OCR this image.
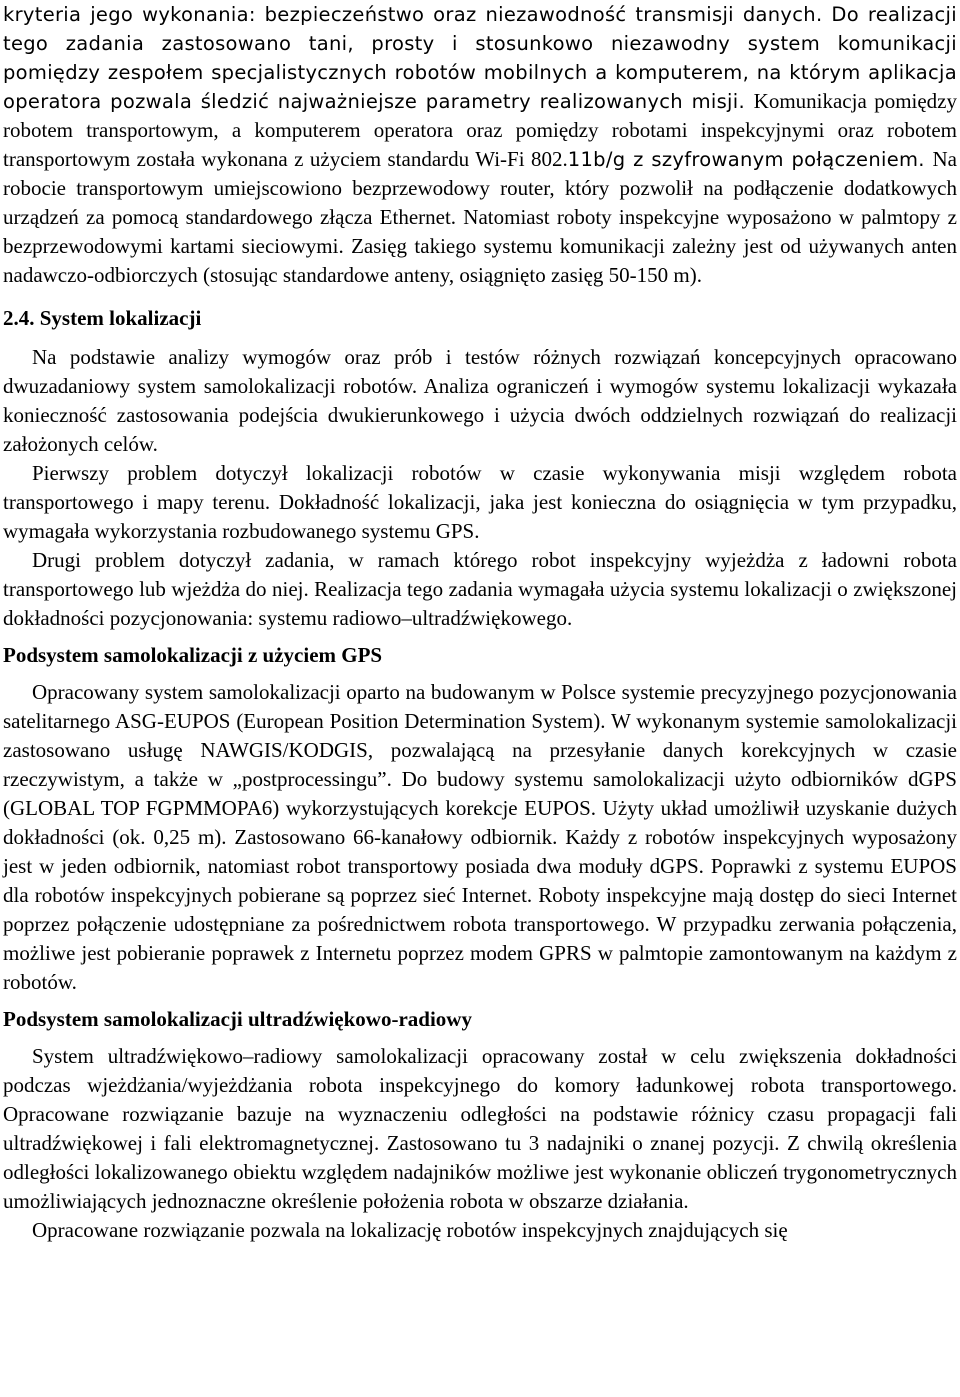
kryteria jego wykonania: bezpieczeństwo oraz niezawodność transmisji danych. Do realizacji tego zadania zastosowano tani, prosty i stosunkowo niezawodny system komunikacji pomiędzy zespołem specjalistycznych robotów mobilnych a komputerem, na którym aplikacja operatora pozwala śledzić najważniejsze parametry realizowanych misji. Komunikacja pomiędzy robotem transportowym, a komputerem operatora oraz pomiędzy robotami inspekcyjnymi oraz robotem transportowym została wykonana z użyciem standardu Wi-Fi 802.11b/g z szyfrowanym połączeniem. Na robocie transportowym umiejscowiono bezprzewodowy router, który pozwolił na podłączenie dodatkowych urządzeń za pomocą standardowego złącza Ethernet. Natomiast roboty inspekcyjne wyposażono w palmtopy z bezprzewodowymi kartami sieciowymi. Zasięg takiego systemu komunikacji zależny jest od używanych anten nadawczo-odbiorczych (stosując standardowe anteny, osiągnięto zasięg 50-150 m).

2.4. System lokalizacji

Na podstawie analizy wymogów oraz prób i testów różnych rozwiązań koncepcyjnych opracowano dwuzadaniowy system samolokalizacji robotów. Analiza ograniczeń i wymogów systemu lokalizacji wykazała konieczność zastosowania podejścia dwukierunkowego i użycia dwóch oddzielnych rozwiązań do realizacji założonych celów.

Pierwszy problem dotyczył lokalizacji robotów w czasie wykonywania misji względem robota transportowego i mapy terenu. Dokładność lokalizacji, jaka jest konieczna do osiągnięcia w tym przypadku, wymagała wykorzystania rozbudowanego systemu GPS.

Drugi problem dotyczył zadania, w ramach którego robot inspekcyjny wyjeżdża z ładowni robota transportowego lub wjeżdża do niej. Realizacja tego zadania wymagała użycia systemu lokalizacji o zwiększonej dokładności pozycjonowania: systemu radiowo–ultradźwiękowego.

Podsystem samolokalizacji z użyciem GPS

Opracowany system samolokalizacji oparto na budowanym w Polsce systemie precyzyjnego pozycjonowania satelitarnego ASG-EUPOS (European Position Determination System). W wykonanym systemie samolokalizacji zastosowano usługę NAWGIS/KODGIS, pozwalającą na przesyłanie danych korekcyjnych w czasie rzeczywistym, a także w „postprocessingu”. Do budowy systemu samolokalizacji użyto odbiorników dGPS (GLOBAL TOP FGPMMOPA6) wykorzystujących korekcje EUPOS. Użyty układ umożliwił uzyskanie dużych dokładności (ok. 0,25 m). Zastosowano 66-kanałowy odbiornik. Każdy z robotów inspekcyjnych wyposażony jest w jeden odbiornik, natomiast robot transportowy posiada dwa moduły dGPS. Poprawki z systemu EUPOS dla robotów inspekcyjnych pobierane są poprzez sieć Internet. Roboty inspekcyjne mają dostęp do sieci Internet poprzez połączenie udostępniane za pośrednictwem robota transportowego. W przypadku zerwania połączenia, możliwe jest pobieranie poprawek z Internetu poprzez modem GPRS w palmtopie zamontowanym na każdym z robotów.

Podsystem samolokalizacji ultradźwiękowo-radiowy

System ultradźwiękowo–radiowy samolokalizacji opracowany został w celu zwiększenia dokładności podczas wjeżdżania/wyjeżdżania robota inspekcyjnego do komory ładunkowej robota transportowego. Opracowane rozwiązanie bazuje na wyznaczeniu odległości na podstawie różnicy czasu propagacji fali ultradźwiękowej i fali elektromagnetycznej. Zastosowano tu 3 nadajniki o znanej pozycji. Z chwilą określenia odległości lokalizowanego obiektu względem nadajników możliwe jest wykonanie obliczeń trygonometrycznych umożliwiających jednoznaczne określenie położenia robota w obszarze działania.

Opracowane rozwiązanie pozwala na lokalizację robotów inspekcyjnych znajdujących się
